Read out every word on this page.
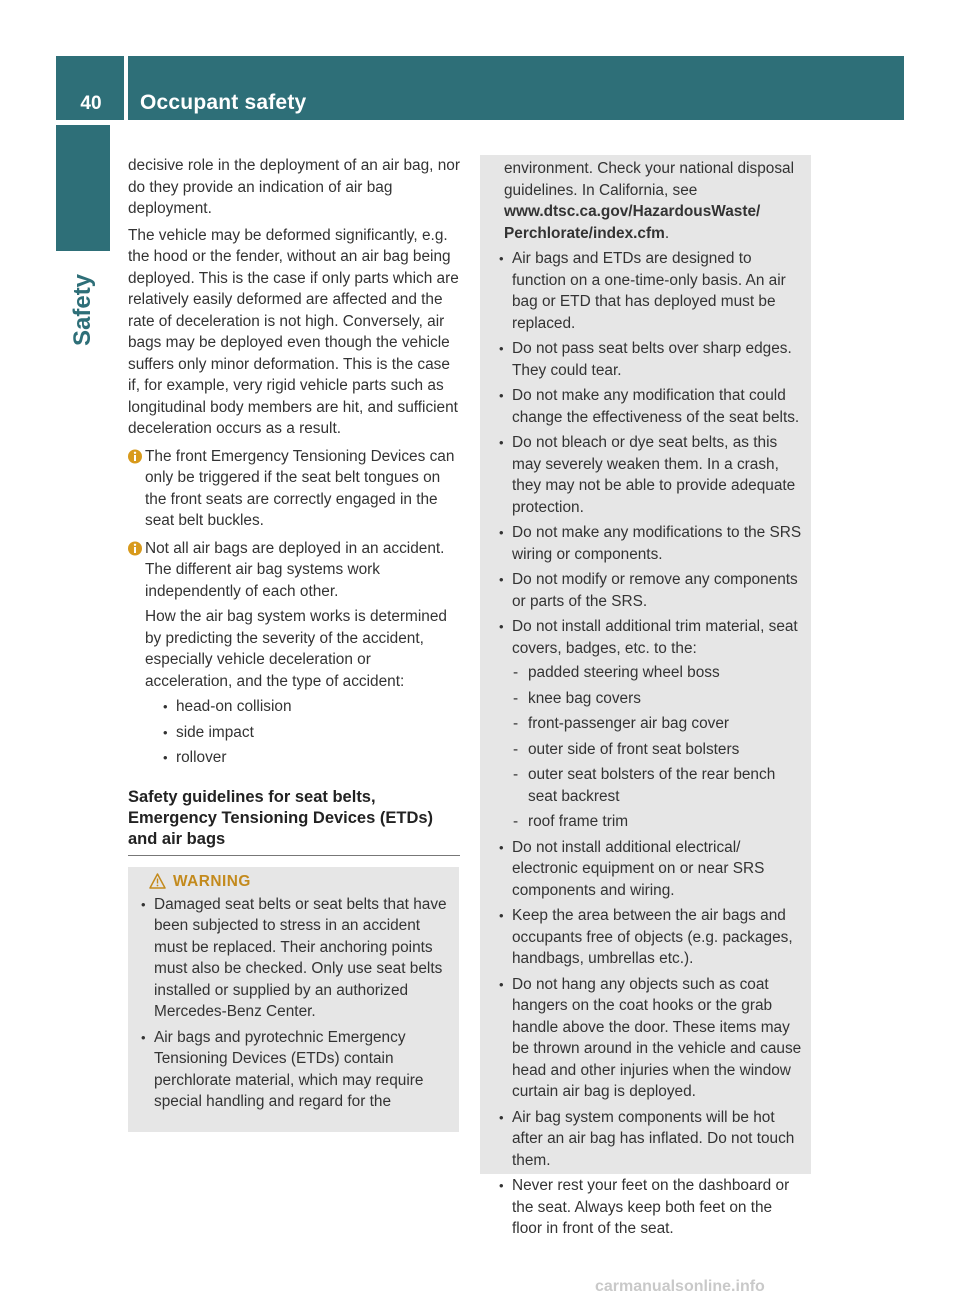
40	Occupant safety
Safety

decisive role in the deployment of an air bag, nor do they provide an indication of air bag deployment.

The vehicle may be deformed significantly, e.g. the hood or the fender, without an air bag being deployed. This is the case if only parts which are relatively easily deformed are affected and the rate of deceleration is not high. Conversely, air bags may be deployed even though the vehicle suffers only minor deformation. This is the case if, for example, very rigid vehicle parts such as longitudinal body members are hit, and sufficient deceleration occurs as a result.

The front Emergency Tensioning Devices can only be triggered if the seat belt tongues on the front seats are correctly engaged in the seat belt buckles.

Not all air bags are deployed in an accident. The different air bag systems work independently of each other.

How the air bag system works is determined by predicting the severity of the accident, especially vehicle deceleration or acceleration, and the type of accident:

• head-on collision
• side impact
• rollover
Safety guidelines for seat belts, Emergency Tensioning Devices (ETDs) and air bags
WARNING
• Damaged seat belts or seat belts that have been subjected to stress in an accident must be replaced. Their anchoring points must also be checked. Only use seat belts installed or supplied by an authorized Mercedes-Benz Center.
• Air bags and pyrotechnic Emergency Tensioning Devices (ETDs) contain perchlorate material, which may require special handling and regard for the

environment. Check your national disposal guidelines. In California, see www.dtsc.ca.gov/HazardousWaste/ Perchlorate/index.cfm.

• Air bags and ETDs are designed to function on a one-time-only basis. An air bag or ETD that has deployed must be replaced.
• Do not pass seat belts over sharp edges. They could tear.
• Do not make any modification that could change the effectiveness of the seat belts.
• Do not bleach or dye seat belts, as this may severely weaken them. In a crash, they may not be able to provide adequate protection.
• Do not make any modifications to the SRS wiring or components.
• Do not modify or remove any components or parts of the SRS.
• Do not install additional trim material, seat covers, badges, etc. to the:
- padded steering wheel boss
- knee bag covers
- front-passenger air bag cover
- outer side of front seat bolsters
- outer seat bolsters of the rear bench seat backrest
- roof frame trim
• Do not install additional electrical/ electronic equipment on or near SRS components and wiring.
• Keep the area between the air bags and occupants free of objects (e.g. packages, handbags, umbrellas etc.).
• Do not hang any objects such as coat hangers on the coat hooks or the grab handle above the door. These items may be thrown around in the vehicle and cause head and other injuries when the window curtain air bag is deployed.
• Air bag system components will be hot after an air bag has inflated. Do not touch them.
• Never rest your feet on the dashboard or the seat. Always keep both feet on the floor in front of the seat.
carmanualsonline.info
